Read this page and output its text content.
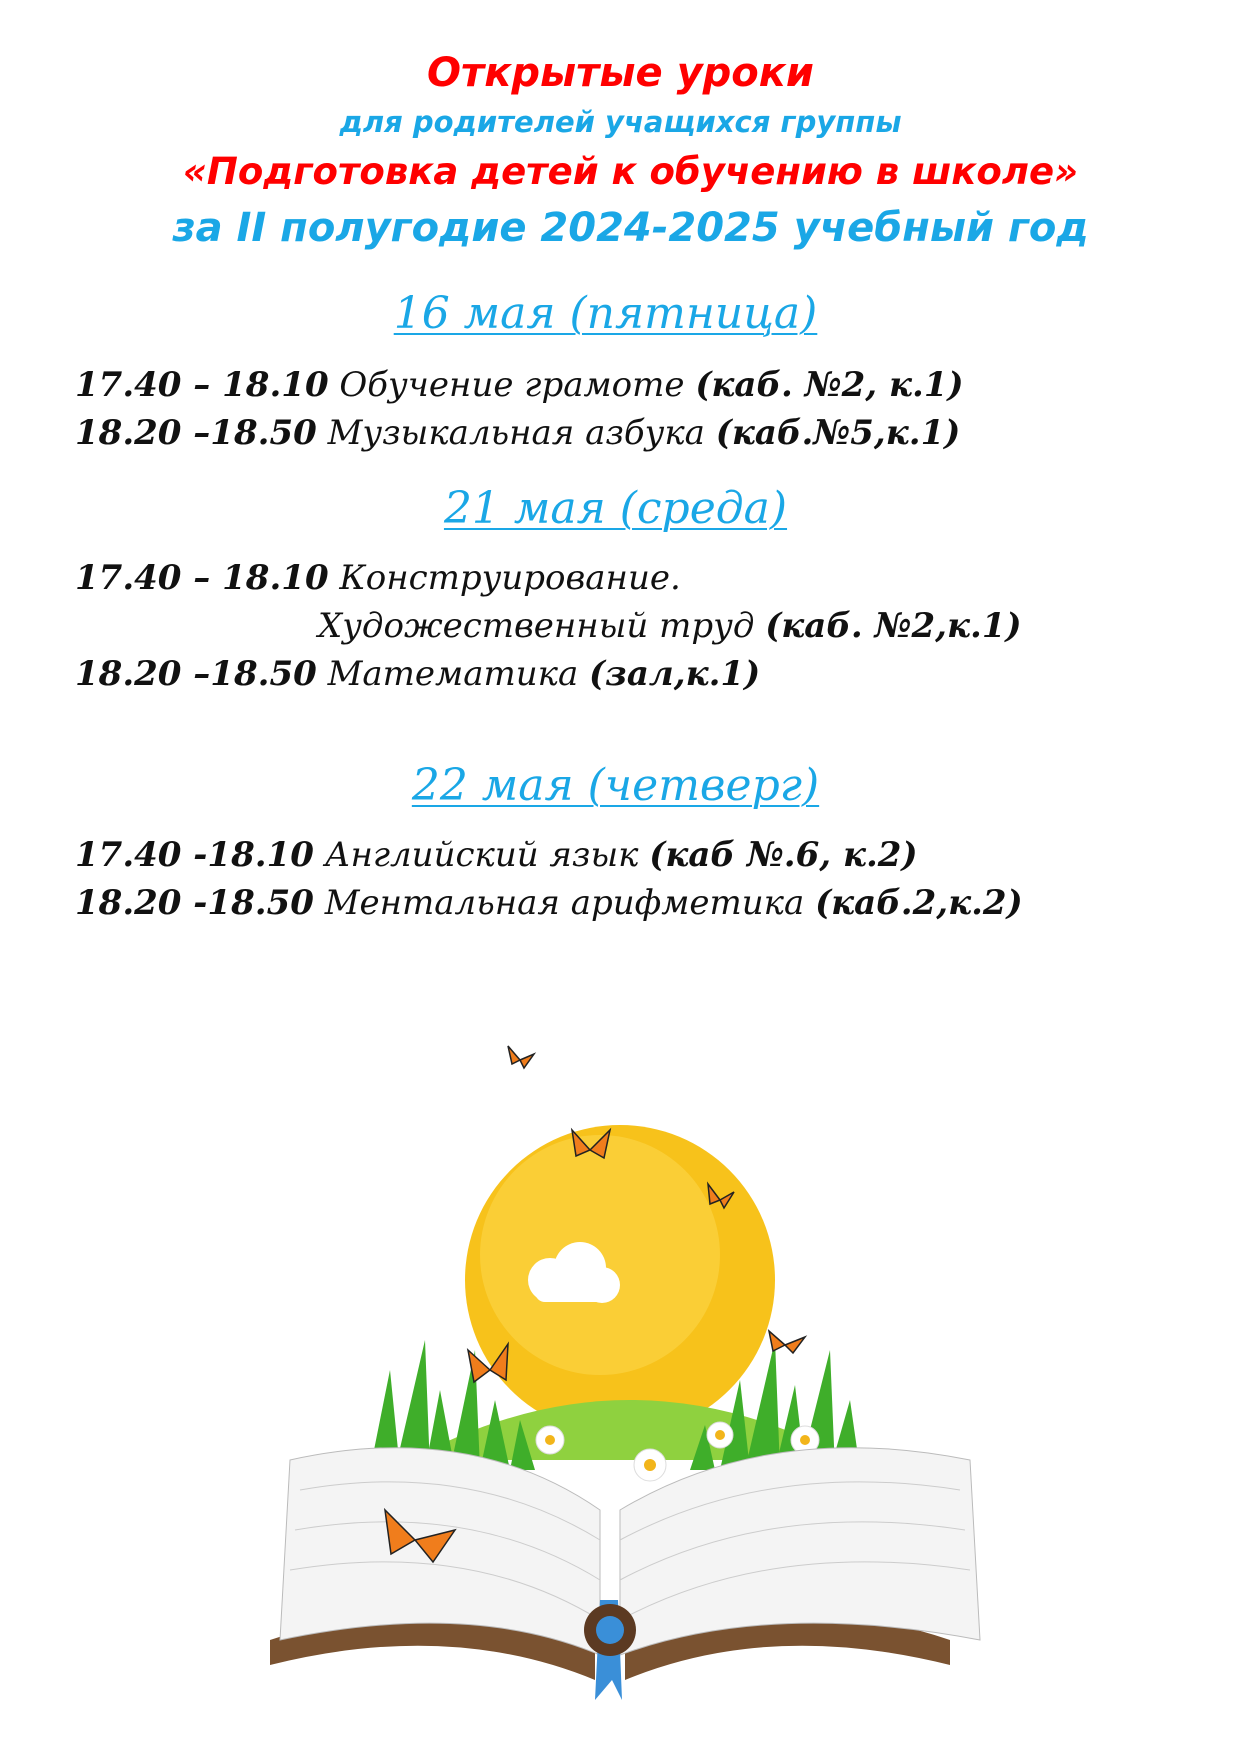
Открытые уроки
для родителей учащихся группы
«Подготовка детей к обучению в школе»
за II полугодие 2024-2025 учебный год
16 мая (пятница)
17.40 – 18.10 Обучение грамоте (каб. №2, к.1)
18.20 –18.50 Музыкальная азбука (каб.№5,к.1)
21 мая (среда)
17.40 – 18.10 Конструирование.
Художественный труд (каб. №2,к.1)
18.20 –18.50 Математика (зал,к.1)
22 мая (четверг)
17.40 -18.10 Английский язык (каб №.6, к.2)
18.20 -18.50 Ментальная арифметика (каб.2,к.2)
